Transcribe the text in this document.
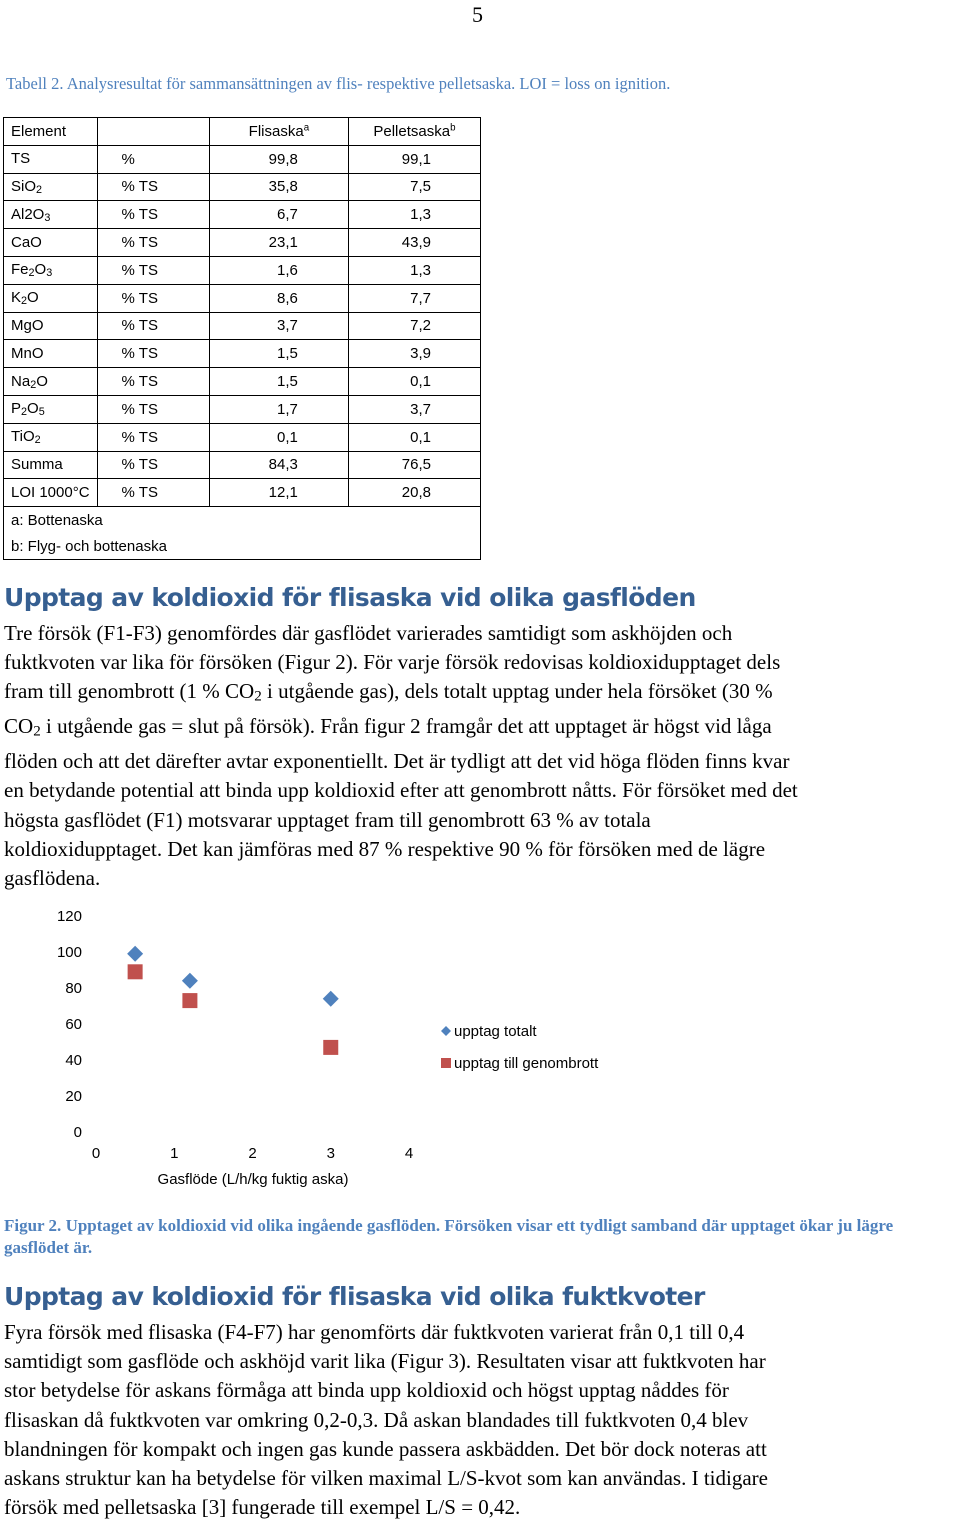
5
Tabell 2. Analysresultat för sammansättningen av flis- respektive pelletsaska. LOI = loss on ignition.
Element		Flisaska$^a$	Pelletsaska$^b$
TS	%	99,8	99,1
SiO$_2$	% TS	35,8	7,5
$Al2O_3$	% TS	6,7	1,3
CaO	% TS	23,1	43,9
$Fe_2O_3$	% TS	1,6	1,3
$K_2O$	% TS	8,6	7,7
MgO	% TS	3,7	7,2
MnO	% TS	1,5	3,9
$Na_2O$	% TS	1,5	0,1
$P_2O_5$	% TS	1,7	3,7
TiO$_2$	% TS	0,1	0,1
Summa	% TS	84,3	76,5
LOI 1000°C	% TS	12,1	20,8
a: Bottenaska			
b: Flyg- och bottenaska			
Upptag av koldioxid för flisaska vid olika gasflöden
Tre försök (F1-F3) genomfördes där gasflödet varierades samtidigt som askhöjden och
fuktkvoten var lika för försöken (Figur 2). För varje försök redovisas koldioxidupptaget dels
fram till genombrott (1 % $CO_2$ i utgående gas), dels totalt upptag under hela försöket (30 %
$CO_2$ i utgående gas = slut på försök). Från figur 2 framgår det att upptaget är högst vid låga
flöden och att det därefter avtar exponentiellt. Det är tydligt att det vid höga flöden finns kvar
en betydande potential att binda upp koldioxid efter att genombrott nåtts. För försöket med det
högsta gasflödet (F1) motsvarar upptaget fram till genombrott 63 % av totala
koldioxidupptaget. Det kan jämföras med 87 % respektive 90 % för försöken med de lägre
gasflödena.
120
100
80
60
40
20
0
0	1	2	3	4
Gasflöde (L/h/kg fuktig aska)
upptag totalt
upptag till genombrott
Figur 2. Upptaget av koldioxid vid olika ingående gasflöden. Försöken visar ett tydligt samband där upptaget ökar ju lägre gasflödet är.
Upptag av koldioxid för flisaska vid olika fuktkvoter
Fyra försök med flisaska (F4-F7) har genomförts där fuktkvoten varierat från 0,1 till 0,4
samtidigt som gasflöde och askhöjd varit lika (Figur 3). Resultaten visar att fuktkvoten har
stor betydelse för askans förmåga att binda upp koldioxid och högst upptag nåddes för
flisaskan då fuktkvoten var omkring 0,2-0,3. Då askan blandades till fuktkvoten 0,4 blev
blandningen för kompakt och ingen gas kunde passera askbädden. Det bör dock noteras att
askans struktur kan ha betydelse för vilken maximal L/S-kvot som kan användas. I tidigare
försök med pelletsaska [3] fungerade till exempel L/S = 0,42.
